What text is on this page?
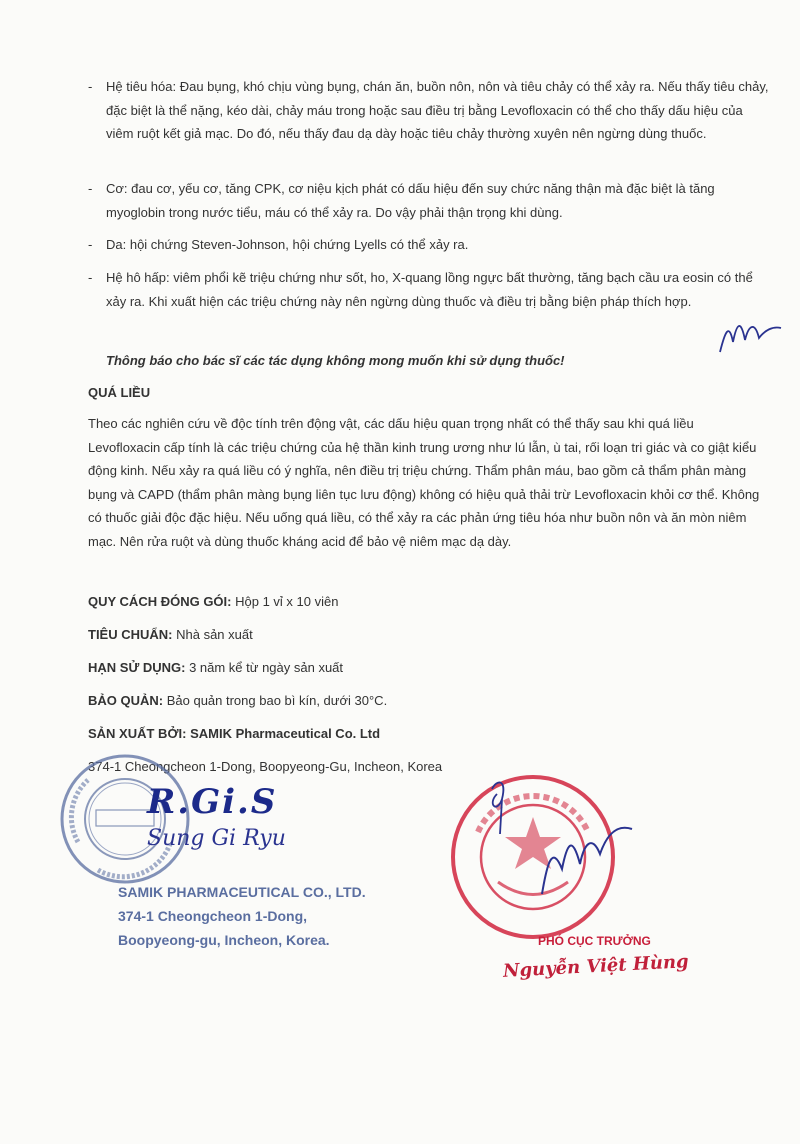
-	Hệ tiêu hóa: Đau bụng, khó chịu vùng bụng, chán ăn, buồn nôn, nôn và tiêu chảy có thể xảy ra. Nếu thấy tiêu chảy, đặc biệt là thể nặng, kéo dài, chảy máu trong hoặc sau điều trị bằng Levofloxacin có thể cho thấy dấu hiệu của viêm ruột kết giả mạc. Do đó, nếu thấy đau dạ dày hoặc tiêu chảy thường xuyên nên ngừng dùng thuốc.
-	Cơ: đau cơ, yếu cơ, tăng CPK, cơ niệu kịch phát có dấu hiệu đến suy chức năng thận mà đặc biệt là tăng myoglobin trong nước tiểu, máu có thể xảy ra. Do vậy phải thận trọng khi dùng.
-	Da: hội chứng Steven-Johnson, hội chứng Lyells có thể xảy ra.
-	Hệ hô hấp: viêm phổi kẽ triệu chứng như sốt, ho, X-quang lồng ngực bất thường, tăng bạch cầu ưa eosin có thể xảy ra. Khi xuất hiện các triệu chứng này nên ngừng dùng thuốc và điều trị bằng biện pháp thích hợp.
Thông báo cho bác sĩ các tác dụng không mong muốn khi sử dụng thuốc!
QUÁ LIỀU
Theo các nghiên cứu về độc tính trên động vật, các dấu hiệu quan trọng nhất có thể thấy sau khi quá liều Levofloxacin cấp tính là các triệu chứng của hệ thần kinh trung ương như lú lẫn, ù tai, rối loạn tri giác và co giật kiểu động kinh. Nếu xảy ra quá liều có ý nghĩa, nên điều trị triệu chứng. Thẩm phân máu, bao gồm cả thẩm phân màng bụng và CAPD (thẩm phân màng bụng liên tục lưu động) không có hiệu quả thải trừ Levofloxacin khỏi cơ thể. Không có thuốc giải độc đặc hiệu. Nếu uống quá liều, có thể xảy ra các phản ứng tiêu hóa như buồn nôn và ăn mòn niêm mạc. Nên rửa ruột và dùng thuốc kháng acid để bảo vệ niêm mạc dạ dày.
QUY CÁCH ĐÓNG GÓI: Hộp 1 vỉ x 10 viên
TIÊU CHUẨN: Nhà sản xuất
HẠN SỬ DỤNG: 3 năm kể từ ngày sản xuất
BẢO QUẢN: Bảo quản trong bao bì kín, dưới 30°C.
SẢN XUẤT BỞI: SAMIK Pharmaceutical Co. Ltd
374-1 Cheongcheon 1-Dong, Boopyeong-Gu, Incheon, Korea
R.Gi.S
Sung Gi Ryu
SAMIK PHARMACEUTICAL CO., LTD.
374-1 Cheongcheon 1-Dong,
Boopyeong-gu, Incheon, Korea.	PHÓ CỤC TRƯỞNG
Nguyễn Việt Hùng
